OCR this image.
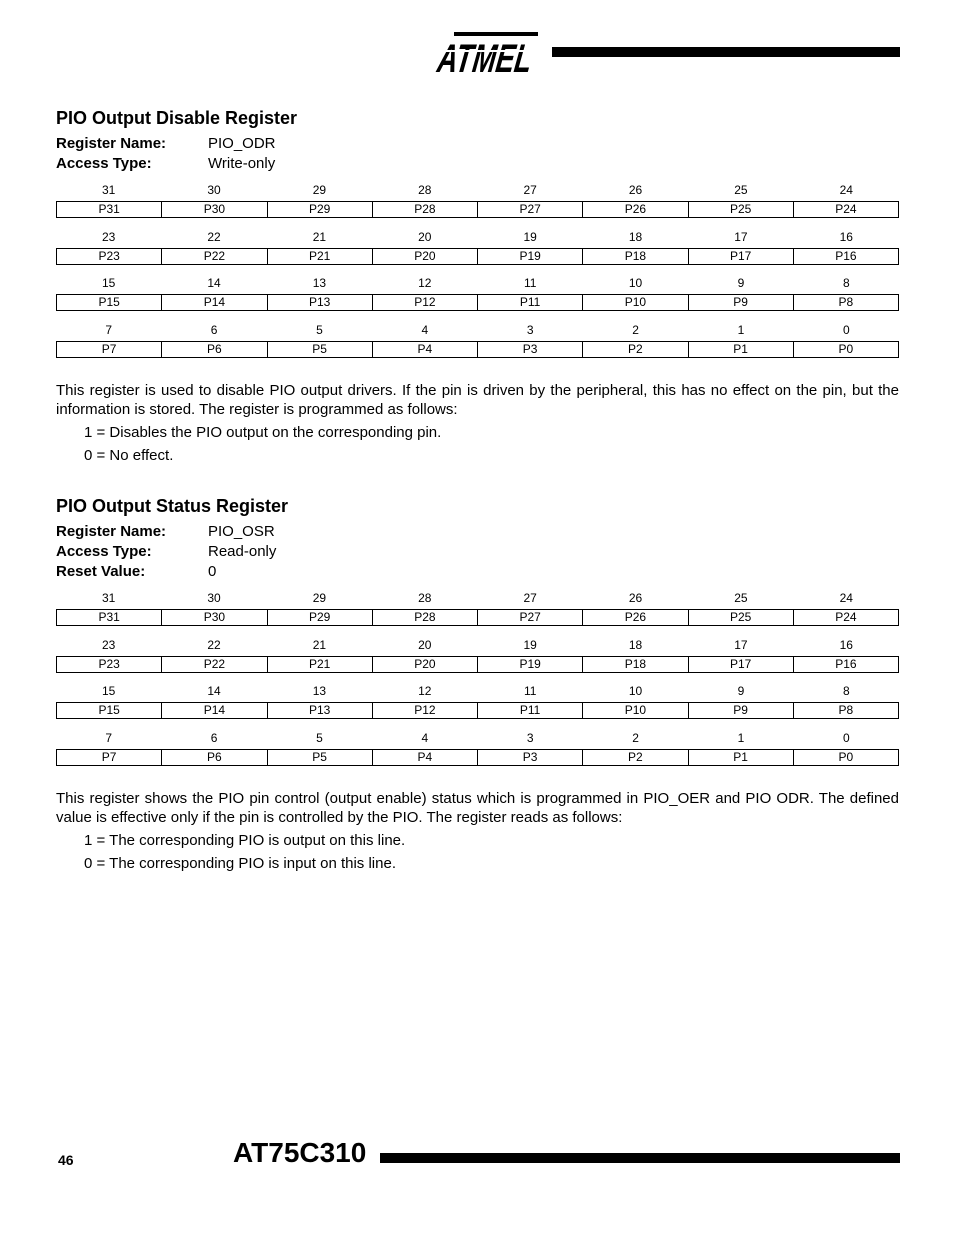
ATMEL
PIO Output Disable Register
Register Name:	PIO_ODR
Access Type:	Write-only
31	30	29	28	27	26	25	24
P31	P30	P29	P28	P27	P26	P25	P24
23	22	21	20	19	18	17	16
P23	P22	P21	P20	P19	P18	P17	P16
15	14	13	12	11	10	9	8
P15	P14	P13	P12	P11	P10	P9	P8
7	6	5	4	3	2	1	0
P7	P6	P5	P4	P3	P2	P1	P0

This register is used to disable PIO output drivers. If the pin is driven by the peripheral, this has no effect on the pin, but the information is stored. The register is programmed as follows:

1 = Disables the PIO output on the corresponding pin.

0 = No effect.

PIO Output Status Register
Register Name:	PIO_OSR
Access Type:	Read-only
Reset Value:	0
31	30	29	28	27	26	25	24
P31	P30	P29	P28	P27	P26	P25	P24
23	22	21	20	19	18	17	16
P23	P22	P21	P20	P19	P18	P17	P16
15	14	13	12	11	10	9	8
P15	P14	P13	P12	P11	P10	P9	P8
7	6	5	4	3	2	1	0
P7	P6	P5	P4	P3	P2	P1	P0

This register shows the PIO pin control (output enable) status which is programmed in PIO_OER and PIO ODR. The defined value is effective only if the pin is controlled by the PIO. The register reads as follows:

1 = The corresponding PIO is output on this line.

0 = The corresponding PIO is input on this line.

46	AT75C310
